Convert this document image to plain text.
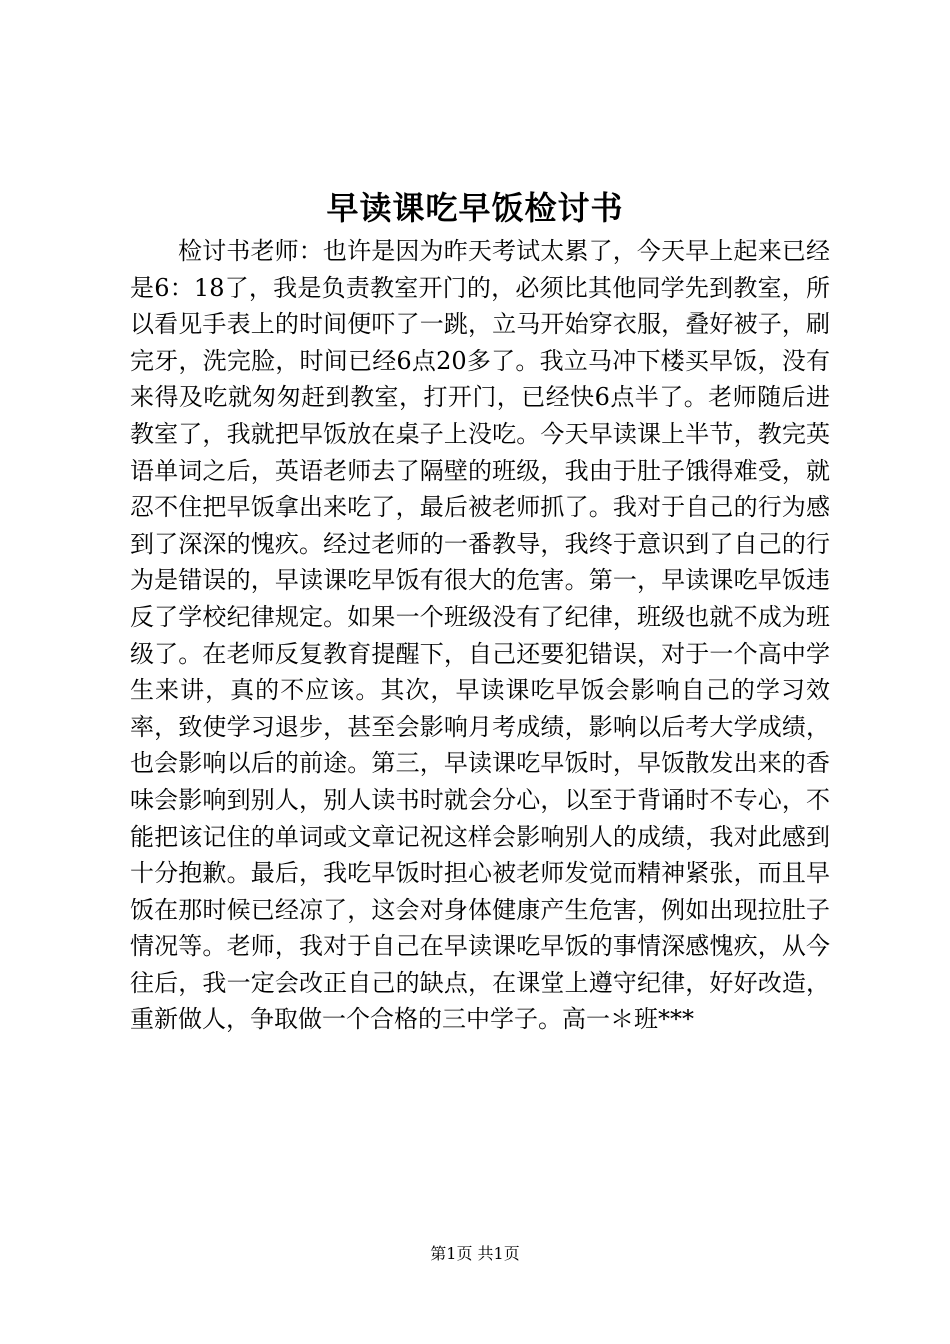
早读课吃早饭检讨书

检讨书老师：也许是因为昨天考试太累了，今天早上起来已经是6：18了，我是负责教室开门的，必须比其他同学先到教室，所以看见手表上的时间便吓了一跳，立马开始穿衣服，叠好被子，刷完牙，洗完脸，时间已经6点20多了。我立马冲下楼买早饭，没有来得及吃就匆匆赶到教室，打开门，已经快6点半了。老师随后进教室了，我就把早饭放在桌子上没吃。今天早读课上半节，教完英语单词之后，英语老师去了隔壁的班级，我由于肚子饿得难受，就忍不住把早饭拿出来吃了，最后被老师抓了。我对于自己的行为感到了深深的愧疚。经过老师的一番教导，我终于意识到了自己的行为是错误的，早读课吃早饭有很大的危害。第一，早读课吃早饭违反了学校纪律规定。如果一个班级没有了纪律，班级也就不成为班级了。在老师反复教育提醒下，自己还要犯错误，对于一个高中学生来讲，真的不应该。其次，早读课吃早饭会影响自己的学习效率，致使学习退步，甚至会影响月考成绩，影响以后考大学成绩，也会影响以后的前途。第三，早读课吃早饭时，早饭散发出来的香味会影响到别人，别人读书时就会分心，以至于背诵时不专心，不能把该记住的单词或文章记祝这样会影响别人的成绩，我对此感到十分抱歉。最后，我吃早饭时担心被老师发觉而精神紧张，而且早饭在那时候已经凉了，这会对身体健康产生危害，例如出现拉肚子情况等。老师，我对于自己在早读课吃早饭的事情深感愧疚，从今往后，我一定会改正自己的缺点，在课堂上遵守纪律，好好改造，重新做人，争取做一个合格的三中学子。高一＊班***

第1页 共1页
